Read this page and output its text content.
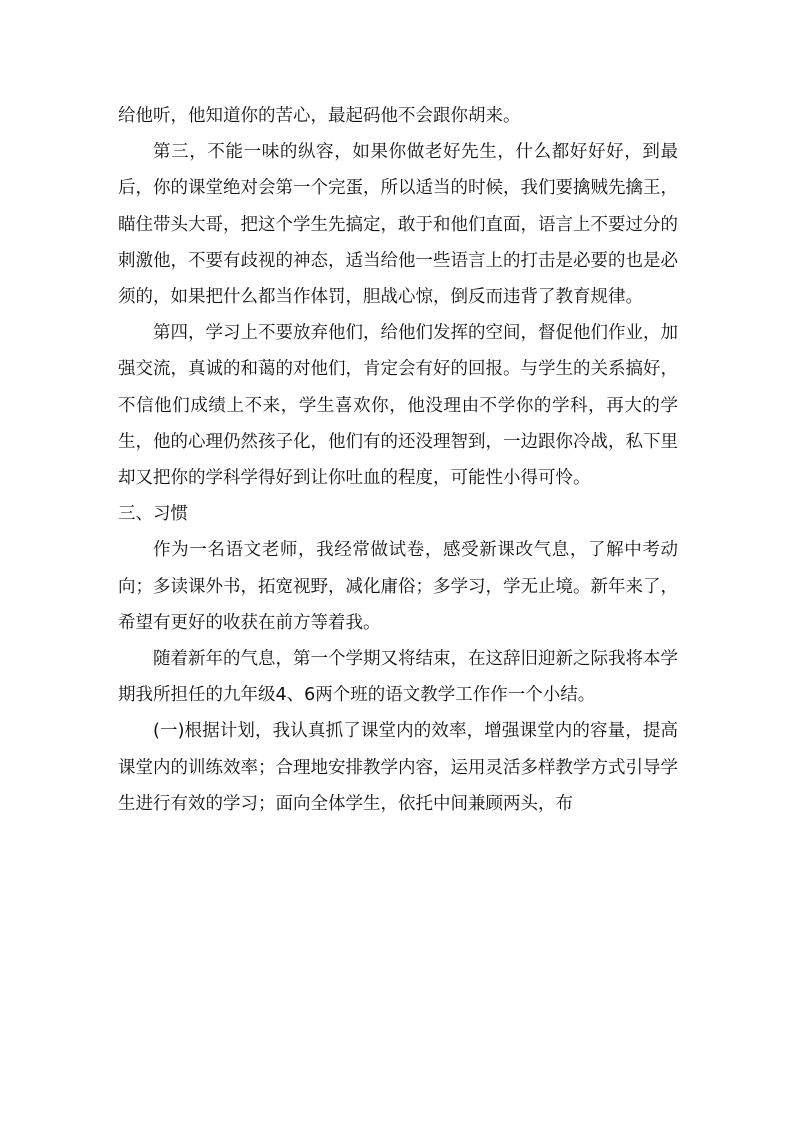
给他听，他知道你的苦心，最起码他不会跟你胡来。

第三，不能一味的纵容，如果你做老好先生，什么都好好好，到最后，你的课堂绝对会第一个完蛋，所以适当的时候，我们要擒贼先擒王，瞄住带头大哥，把这个学生先搞定，敢于和他们直面，语言上不要过分的刺激他，不要有歧视的神态，适当给他一些语言上的打击是必要的也是必须的，如果把什么都当作体罚，胆战心惊，倒反而违背了教育规律。

第四，学习上不要放弃他们，给他们发挥的空间，督促他们作业，加强交流，真诚的和蔼的对他们，肯定会有好的回报。与学生的关系搞好，不信他们成绩上不来，学生喜欢你，他没理由不学你的学科，再大的学生，他的心理仍然孩子化，他们有的还没理智到，一边跟你冷战，私下里却又把你的学科学得好到让你吐血的程度，可能性小得可怜。

三、习惯

作为一名语文老师，我经常做试卷，感受新课改气息，了解中考动向；多读课外书，拓宽视野，减化庸俗；多学习，学无止境。新年来了，希望有更好的收获在前方等着我。

随着新年的气息，第一个学期又将结束，在这辞旧迎新之际我将本学期我所担任的九年级4、6两个班的语文教学工作作一个小结。

(一)根据计划，我认真抓了课堂内的效率，增强课堂内的容量，提高课堂内的训练效率；合理地安排教学内容，运用灵活多样教学方式引导学生进行有效的学习；面向全体学生，依托中间兼顾两头，布
